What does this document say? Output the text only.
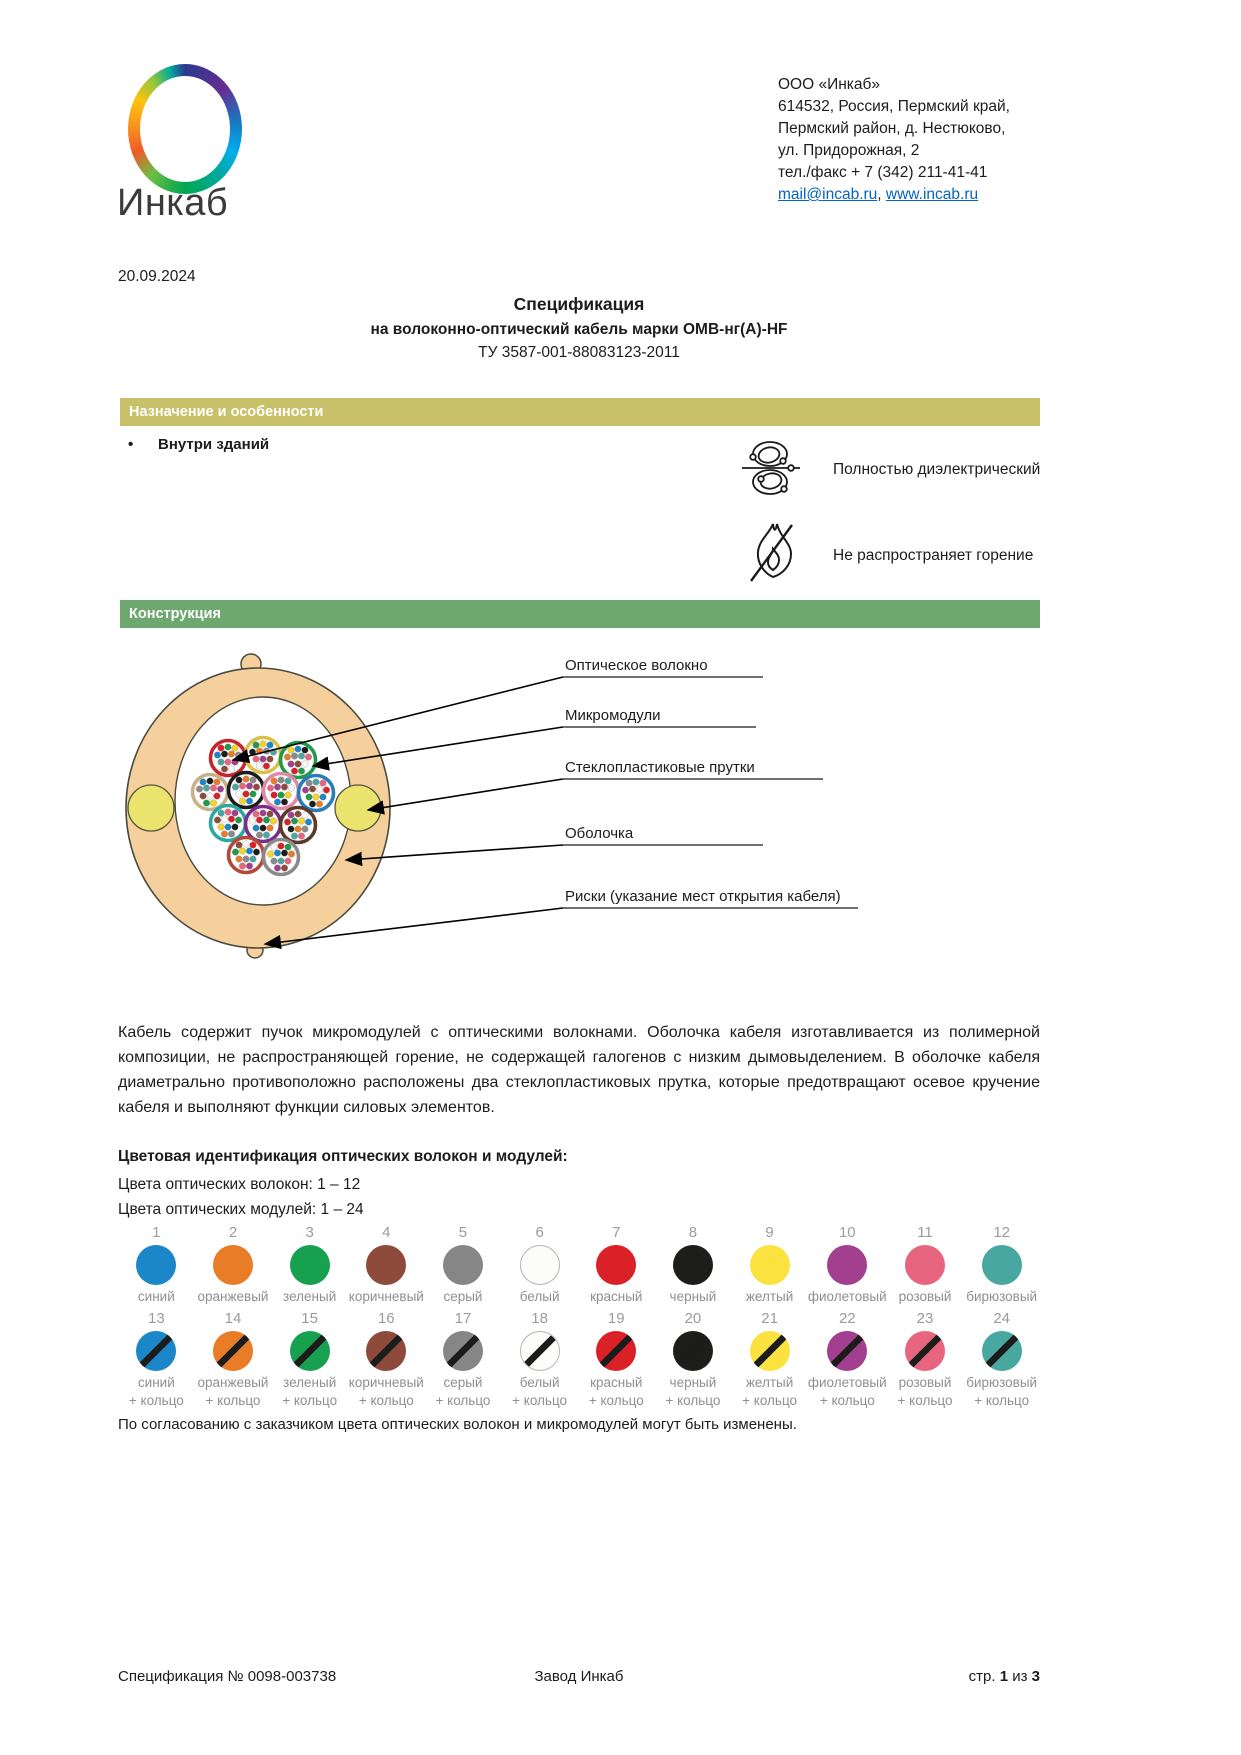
Инкаб
ООО «Инкаб»
614532, Россия, Пермский край,
Пермский район, д. Нестюково,
ул. Придорожная, 2
тел./факс + 7 (342) 211-41-41
mail@incab.ru, www.incab.ru
20.09.2024
Спецификация
на волоконно-оптический кабель марки ОМВ-нг(А)-HF
ТУ 3587-001-88083123-2011
Назначение и особенности
• Внутри зданий
Полностью диэлектрический
Не распространяет горение
Конструкция
Оптическое волокно
Микромодули
Стеклопластиковые прутки
Оболочка
Риски (указание мест открытия кабеля)
Кабель содержит пучок микромодулей с оптическими волокнами. Оболочка кабеля изготавливается из полимерной композиции, не распространяющей горение, не содержащей галогенов с низким дымовыделением. В оболочке кабеля диаметрально противоположно расположены два стеклопластиковых прутка, которые предотвращают осевое кручение кабеля и выполняют функции силовых элементов.
Цветовая идентификация оптических волокон и модулей:
Цвета оптических волокон: 1 – 12
Цвета оптических модулей: 1 – 24
1
синий
2
оранжевый
3
зеленый
4
коричневый
5
серый
6
белый
7
красный
8
черный
9
желтый
10
фиолетовый
11
розовый
12
бирюзовый
13
синий
+ кольцо
14
оранжевый
+ кольцо
15
зеленый
+ кольцо
16
коричневый
+ кольцо
17
серый
+ кольцо
18
белый
+ кольцо
19
красный
+ кольцо
20
черный
+ кольцо
21
желтый
+ кольцо
22
фиолетовый
+ кольцо
23
розовый
+ кольцо
24
бирюзовый
+ кольцо
По согласованию с заказчиком цвета оптических волокон и микромодулей могут быть изменены.
Спецификация № 0098-003738	Завод Инкаб	стр. 1 из 3
